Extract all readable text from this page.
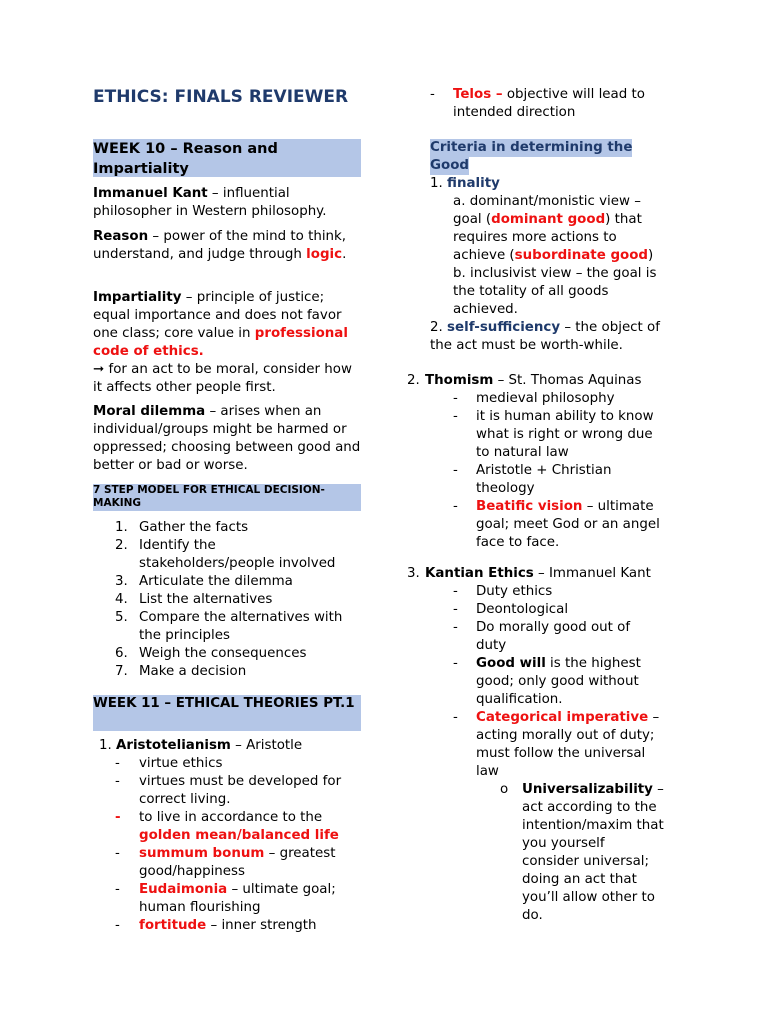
ETHICS: FINALS REVIEWER
WEEK 10 – Reason and Impartiality
Immanuel Kant – influential philosopher in Western philosophy.
Reason – power of the mind to think, understand, and judge through logic.
Impartiality – principle of justice; equal importance and does not favor one class; core value in professional code of ethics.
➞ for an act to be moral, consider how it affects other people first.
Moral dilemma – arises when an individual/groups might be harmed or oppressed; choosing between good and better or bad or worse.
7 STEP MODEL FOR ETHICAL DECISION-MAKING
1. Gather the facts
2. Identify the
stakeholders/people involved
3. Articulate the dilemma
4. List the alternatives
5. Compare the alternatives with
the principles
6. Weigh the consequences
7. Make a decision
WEEK 11 – ETHICAL THEORIES PT.1
1. Aristotelianism – Aristotle
- virtue ethics
- virtues must be developed for
correct living.
- to live in accordance to the
golden mean/balanced life
- summum bonum – greatest
good/happiness
- Eudaimonia – ultimate goal;
human flourishing
- fortitude – inner strength
- Telos – objective will lead to
intended direction
Criteria in determining the
Good
1. finality
a. dominant/monistic view –
goal (dominant good) that
requires more actions to
achieve (subordinate good)
b. inclusivist view – the goal is
the totality of all goods
achieved.
2. self-sufficiency – the object of
the act must be worth-while.
2. Thomism – St. Thomas Aquinas
- medieval philosophy
- it is human ability to know
what is right or wrong due
to natural law
- Aristotle + Christian
theology
- Beatific vision – ultimate
goal; meet God or an angel
face to face.
3. Kantian Ethics – Immanuel Kant
- Duty ethics
- Deontological
- Do morally good out of
duty
- Good will is the highest
good; only good without
qualification.
- Categorical imperative –
acting morally out of duty;
must follow the universal
law
o Universalizability –
act according to the
intention/maxim that
you yourself
consider universal;
doing an act that
you’ll allow other to
do.
